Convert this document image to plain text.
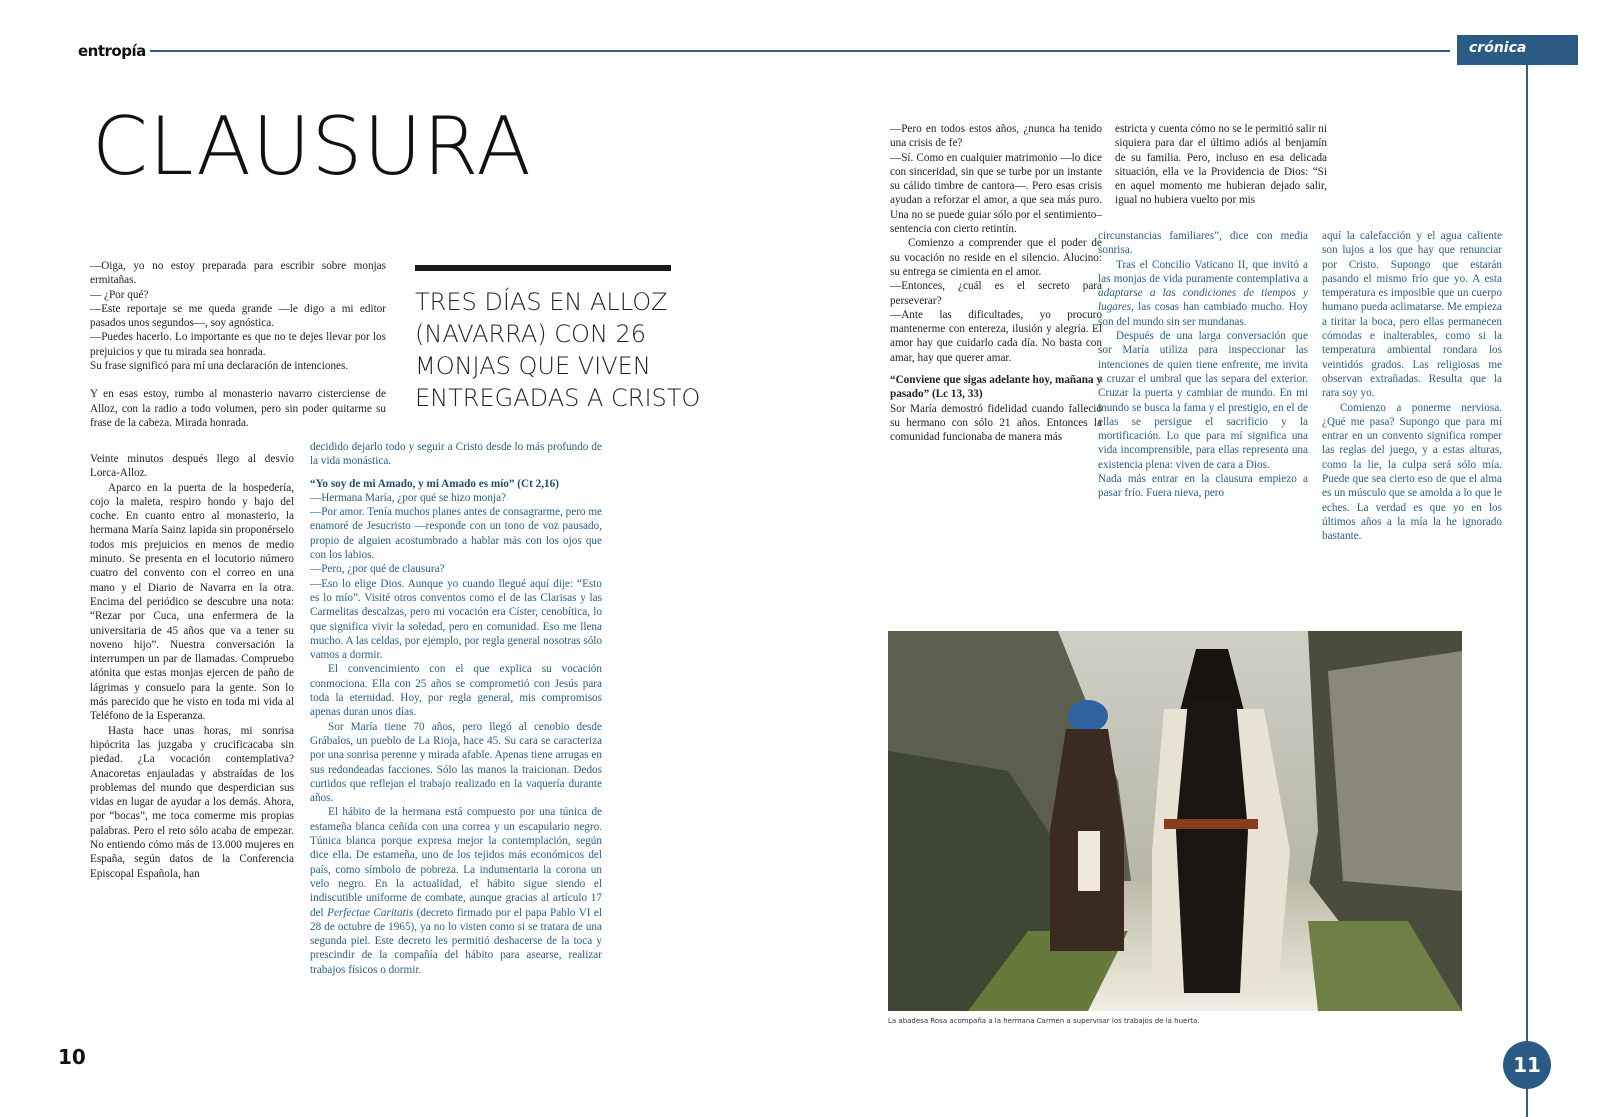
entropía	crónica
CLAUSURA
TRES DÍAS EN ALLOZ (NAVARRA) CON 26 MONJAS QUE VIVEN ENTREGADAS A CRISTO

—Oiga, yo no estoy preparada para escribir sobre monjas ermitañas.

— ¿Por qué?

—Este reportaje se me queda grande —le digo a mi editor pasados unos segundos—, soy agnóstica.

—Puedes hacerlo. Lo importante es que no te dejes llevar por los prejuicios y que tu mirada sea honrada.

Su frase significó para mí una declaración de intenciones.

Y en esas estoy, rumbo al monasterio navarro cisterciense de Alloz, con la radio a todo volumen, pero sin poder quitarme su frase de la cabeza. Mirada honrada.

Veinte minutos después llego al desvío Lorca-Alloz.

Aparco en la puerta de la hospedería, cojo la maleta, respiro hondo y bajo del coche. En cuanto entro al monasterio, la hermana María Sainz lapida sin proponérselo todos mis prejuicios en menos de medio minuto. Se presenta en el locutorio número cuatro del convento con el correo en una mano y el Diario de Navarra en la otra. Encima del periódico se descubre una nota: “Rezar por Cuca, una enfermera de la universitaria de 45 años que va a tener su noveno hijo”. Nuestra conversación la interrumpen un par de llamadas. Compruebo atónita que estas monjas ejercen de paño de lágrimas y consuelo para la gente. Son lo más parecido que he visto en toda mi vida al Teléfono de la Esperanza.

Hasta hace unas horas, mi sonrisa hipócrita las juzgaba y crucificacaba sin piedad. ¿La vocación contemplativa? Anacoretas enjauladas y abstraídas de los problemas del mundo que desperdician sus vidas en lugar de ayudar a los demás. Ahora, por “bocas”, me toca comerme mis propias palabras. Pero el reto sólo acaba de empezar. No entiendo cómo más de 13.000 mujeres en España, según datos de la Conferencia Episcopal Española, han

decidido dejarlo todo y seguir a Cristo desde lo más profundo de la vida monástica.

“Yo soy de mi Amado, y mi Amado es mío” (Ct 2,16)

—Hermana María, ¿por qué se hizo monja?

—Por amor. Tenía muchos planes antes de consagrarme, pero me enamoré de Jesucristo —responde con un tono de voz pausado, propio de alguien acostumbrado a hablar más con los ojos que con los labios.

—Pero, ¿por qué de clausura?

—Eso lo elige Dios. Aunque yo cuando llegué aquí dije: “Esto es lo mío”. Visité otros conventos como el de las Clarisas y las Carmelitas descalzas, pero mi vocación era Císter, cenobítica, lo que significa vivir la soledad, pero en comunidad. Eso me llena mucho. A las celdas, por ejemplo, por regla general nosotras sólo vamos a dormir.

El convencimiento con el que explica su vocación conmociona. Ella con 25 años se comprometió con Jesús para toda la eternidad. Hoy, por regla general, mis compromisos apenas duran unos días.

Sor María tiene 70 años, pero llegó al cenobio desde Grábalos, un pueblo de La Rioja, hace 45. Su cara se caracteriza por una sonrisa perenne y mirada afable. Apenas tiene arrugas en sus redondeadas facciones. Sólo las manos la traicionan. Dedos curtidos que reflejan el trabajo realizado en la vaquería durante años.

El hábito de la hermana está compuesto por una túnica de estameña blanca ceñida con una correa y un escapulario negro. Túnica blanca porque expresa mejor la contemplación, según dice ella. De estameña, uno de los tejidos más económicos del país, como símbolo de pobreza. La indumentaria la corona un velo negro. En la actualidad, el hábito sigue siendo el indiscutible uniforme de combate, aunque gracias al artículo 17 del Perfectae Caritatis (decreto firmado por el papa Pablo VI el 28 de octubre de 1965), ya no lo visten como si se tratara de una segunda piel. Este decreto les permitió deshacerse de la toca y prescindir de la compañía del hábito para asearse, realizar trabajos físicos o dormir.

—Pero en todos estos años, ¿nunca ha tenido una crisis de fe?

—Sí. Como en cualquier matrimonio —lo dice con sinceridad, sin que se turbe por un instante su cálido timbre de cantora—. Pero esas crisis ayudan a reforzar el amor, a que sea más puro. Una no se puede guiar sólo por el sentimiento– sentencia con cierto retintín.

Comienzo a comprender que el poder de su vocación no reside en el silencio. Alucino: su entrega se cimienta en el amor.

—Entonces, ¿cuál es el secreto para perseverar?

—Ante las dificultades, yo procuro mantenerme con entereza, ilusión y alegría. El amor hay que cuidarlo cada día. No basta con amar, hay que querer amar.

“Conviene que sigas adelante hoy, mañana y pasado” (Lc 13, 33)

Sor María demostró fidelidad cuando falleció su hermano con sólo 21 años. Entonces la comunidad funcionaba de manera más

estricta y cuenta cómo no se le permitió salir ni siquiera para dar el último adiós al benjamín de su familia. Pero, incluso en esa delicada situación, ella ve la Providencia de Dios: “Si en aquel momento me hubieran dejado salir, igual no hubiera vuelto por mis

circunstancias familiares”, dice con media sonrisa.

Tras el Concilio Vaticano II, que invitó a las monjas de vida puramente contemplativa a adaptarse a las condiciones de tiempos y lugares, las cosas han cambiado mucho. Hoy son del mundo sin ser mundanas.

Después de una larga conversación que sor María utiliza para inspeccionar las intenciones de quien tiene enfrente, me invita a cruzar el umbral que las separa del exterior. Cruzar la puerta y cambiar de mundo. En mi mundo se busca la fama y el prestigio, en el de ellas se persigue el sacrificio y la mortificación. Lo que para mí significa una vida incomprensible, para ellas representa una existencia plena: viven de cara a Dios.

Nada más entrar en la clausura empiezo a pasar frío. Fuera nieva, pero

aquí la calefacción y el agua caliente son lujos a los que hay que renunciar por Cristo. Supongo que estarán pasando el mismo frío que yo. A esta temperatura es imposible que un cuerpo humano pueda aclimatarse. Me empieza a tiritar la boca, pero ellas permanecen cómodas e inalterables, como si la temperatura ambiental rondara los veintidós grados. Las religiosas me observan extrañadas. Resulta que la rara soy yo.

Comienzo a ponerme nerviosa. ¿Qué me pasa? Supongo que para mí entrar en un convento significa romper las reglas del juego, y a estas alturas, como la lie, la culpa será sólo mía. Puede que sea cierto eso de que el alma es un músculo que se amolda a lo que le eches. La verdad es que yo en los últimos años a la mía la he ignorado bastante.

La abadesa Rosa acompaña a la hermana Carmen a supervisar los trabajos de la huerta.
10	11
